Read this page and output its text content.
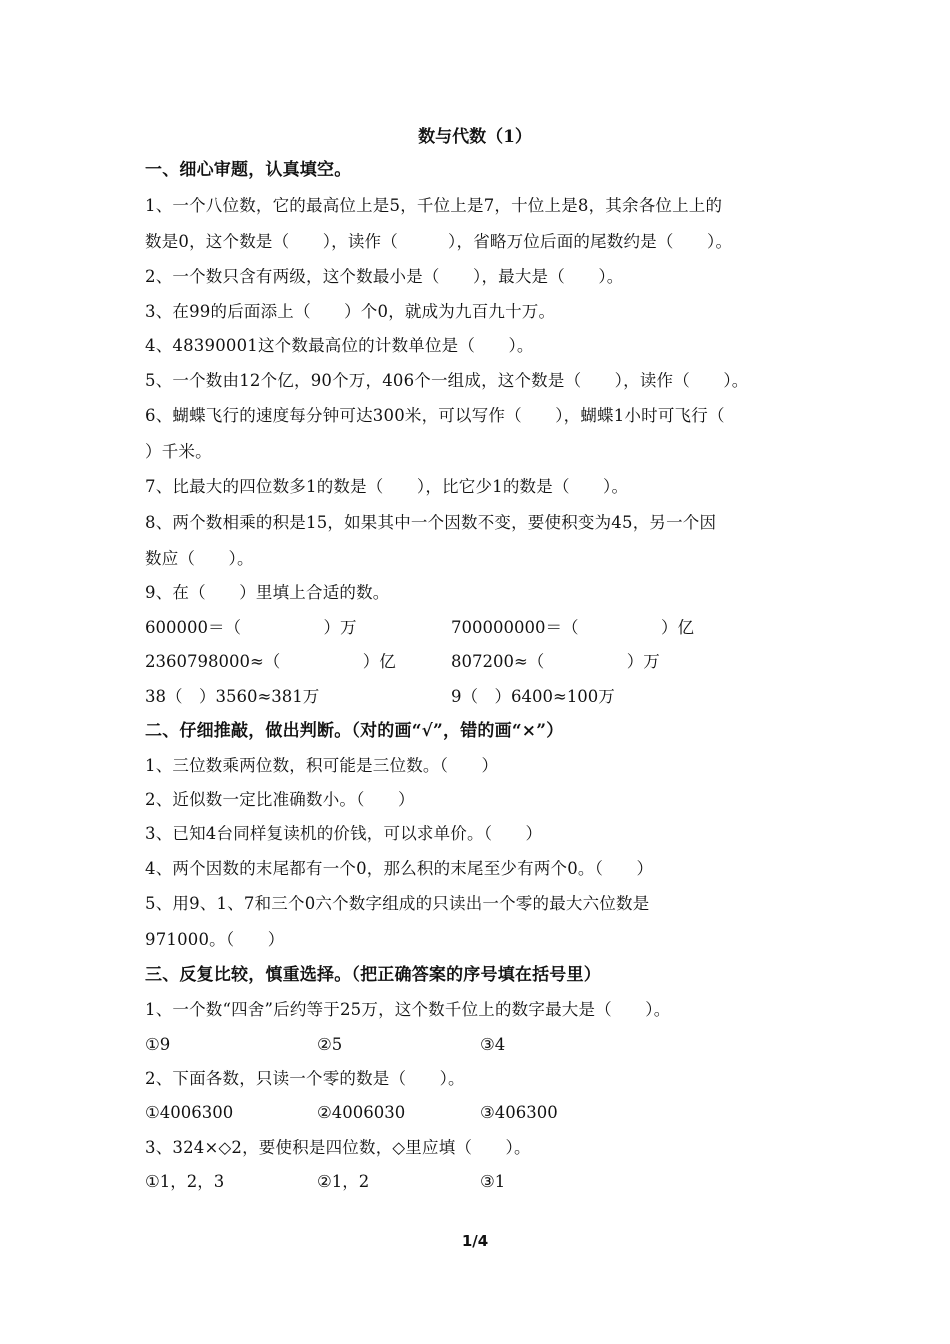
数与代数（1）
一、细心审题，认真填空。
1、一个八位数，它的最高位上是5，千位上是7，十位上是8，其余各位上上的
数是0，这个数是（　　），读作（　　　），省略万位后面的尾数约是（　　）。
2、一个数只含有两级，这个数最小是（　　），最大是（　　）。
3、在99的后面添上（　　）个0，就成为九百九十万。
4、48390001这个数最高位的计数单位是（　　）。
5、一个数由12个亿，90个万，406个一组成，这个数是（　　），读作（　　）。
6、蝴蝶飞行的速度每分钟可达300米，可以写作（　　），蝴蝶1小时可飞行（
）千米。
7、比最大的四位数多1的数是（　　），比它少1的数是（　　）。
8、两个数相乘的积是15，如果其中一个因数不变，要使积变为45，另一个因
数应（　　）。
9、在（　　）里填上合适的数。
600000＝（　　　　　）万	700000000＝（　　　　　）亿
2360798000≈（　　　　　）亿	807200≈（　　　　　）万
38（　）3560≈381万	9（　）6400≈100万
二、仔细推敲，做出判断。（对的画“√”，错的画“×”）
1、三位数乘两位数，积可能是三位数。（　　）
2、近似数一定比准确数小。（　　）
3、已知4台同样复读机的价钱，可以求单价。（　　）
4、两个因数的末尾都有一个0，那么积的末尾至少有两个0。（　　）
5、用9、1、7和三个0六个数字组成的只读出一个零的最大六位数是
971000。（　　）
三、反复比较，慎重选择。（把正确答案的序号填在括号里）
1、一个数“四舍”后约等于25万，这个数千位上的数字最大是（　　）。
①9	②5	③4
2、下面各数，只读一个零的数是（　　）。
①4006300	②4006030	③406300
3、324×◇2，要使积是四位数，◇里应填（　　）。
①1，2，3	②1，2	③1
1/4
